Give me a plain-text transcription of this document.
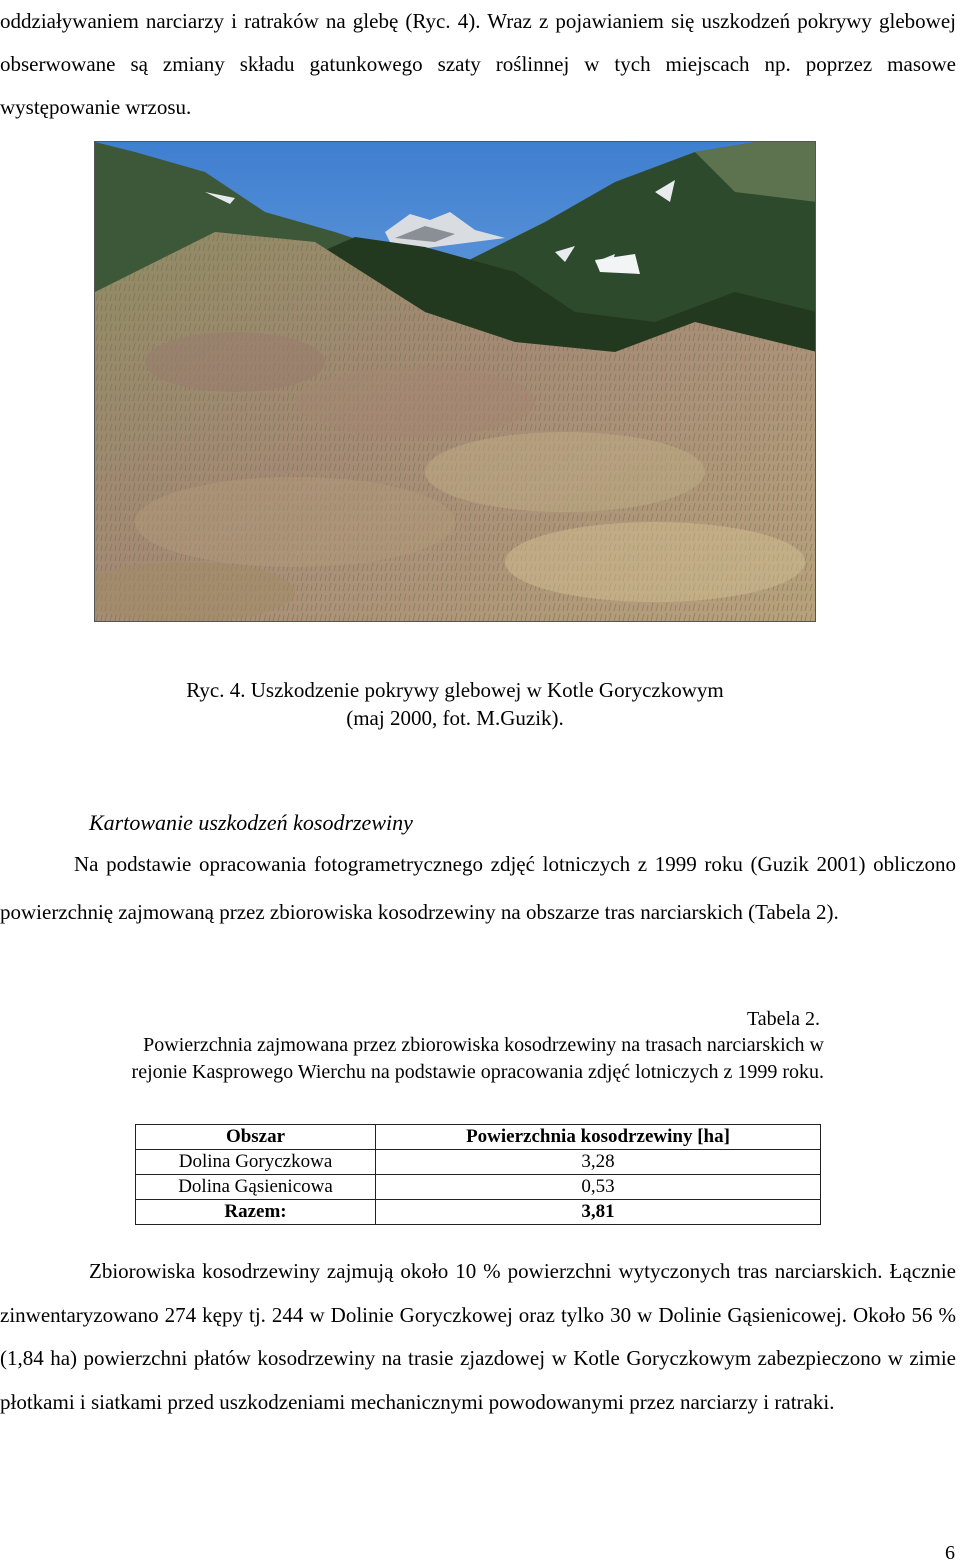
oddziaływaniem narciarzy i ratraków na glebę (Ryc. 4). Wraz z pojawianiem się uszkodzeń pokrywy glebowej obserwowane są zmiany składu gatunkowego szaty roślinnej w tych miejscach np. poprzez masowe występowanie wrzosu.

Ryc. 4. Uszkodzenie pokrywy glebowej w Kotle Goryczkowym
(maj 2000, fot. M.Guzik).
Kartowanie uszkodzeń kosodrzewiny

Na podstawie opracowania fotogrametrycznego zdjęć lotniczych z 1999 roku (Guzik 2001) obliczono powierzchnię zajmowaną przez zbiorowiska kosodrzewiny na obszarze tras narciarskich (Tabela 2).

Tabela 2.
Powierzchnia zajmowana przez zbiorowiska kosodrzewiny na trasach narciarskich w rejonie Kasprowego Wierchu na podstawie opracowania zdjęć lotniczych z 1999 roku.
Obszar	Powierzchnia kosodrzewiny [ha]
Dolina Goryczkowa	3,28
Dolina Gąsienicowa	0,53
Razem:	3,81

Zbiorowiska kosodrzewiny zajmują około 10 % powierzchni wytyczonych tras narciarskich. Łącznie zinwentaryzowano 274 kępy tj. 244 w Dolinie Goryczkowej oraz tylko 30 w Dolinie Gąsienicowej. Około 56 % (1,84 ha) powierzchni płatów kosodrzewiny na trasie zjazdowej w Kotle Goryczkowym zabezpieczono w zimie płotkami i siatkami przed uszkodzeniami mechanicznymi powodowanymi przez narciarzy i ratraki.

6
